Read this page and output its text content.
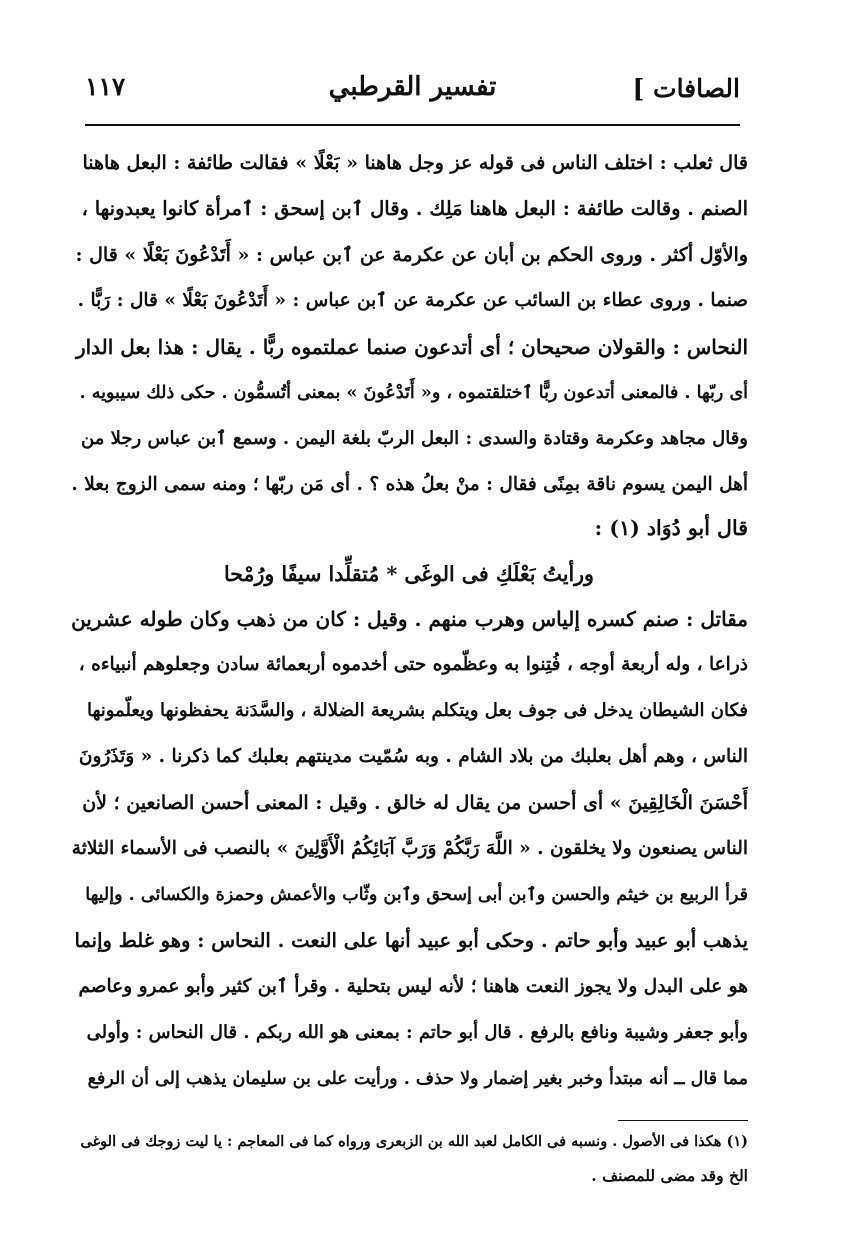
الصافات ]
تفسير القرطبي
١١٧
قال ثعلب : اختلف الناس فى قوله عز وجل هاهنا « بَعْلًا » فقالت طائفة : البعل هاهنا
الصنم . وقالت طائفة : البعل هاهنا مَلِك . وقال ٱبن إسحق : ٱمرأة كانوا يعبدونها ،
والأوّل أكثر . وروى الحكم بن أبان عن عكرمة عن ٱبن عباس : « أَتَدْعُونَ بَعْلًا » قال :
صنما . وروى عطاء بن السائب عن عكرمة عن ٱبن عباس : « أَتَدْعُونَ بَعْلًا » قال : رَبًّا .
النحاس : والقولان صحيحان ؛ أى أتدعون صنما عملتموه ربًّا . يقال : هذا بعل الدار
أى ربّها . فالمعنى أتدعون ربًّا ٱختلقتموه ، و« أَتَدْعُونَ » بمعنى أتُسمُّون . حكى ذلك سيبويه .
وقال مجاهد وعكرمة وقتادة والسدى : البعل الربّ بلغة اليمن . وسمع ٱبن عباس رجلا من
أهل اليمن يسوم ناقة بمِنًى فقال : منْ بعلُ هذه ؟ . أى مَن ربّها ؛ ومنه سمى الزوج بعلا .
قال أبو دُوَاد (١) :
ورأيتُ بَعْلَكِ فى الوغَى * مُتقلِّدا سيفًا ورُمْحا
مقاتل : صنم كسره إلياس وهرب منهم . وقيل : كان من ذهب وكان طوله عشرين
ذراعا ، وله أربعة أوجه ، فُتِنوا به وعظّموه حتى أخدموه أربعمائة سادن وجعلوهم أنبياءه ،
فكان الشيطان يدخل فى جوف بعل ويتكلم بشريعة الضلالة ، والسَّدَنة يحفظونها ويعلّمونها
الناس ، وهم أهل بعلبك من بلاد الشام . وبه سُمّيت مدينتهم بعلبك كما ذكرنا . « وَتَذَرُونَ
أَحْسَنَ الْخَالِقِينَ » أى أحسن من يقال له خالق . وقيل : المعنى أحسن الصانعين ؛ لأن
الناس يصنعون ولا يخلقون . « اللَّهَ رَبَّكُمْ وَرَبَّ آبَائِكُمُ الْأَوَّلِينَ » بالنصب فى الأسماء الثلاثة
قرأ الربيع بن خيثم والحسن وٱبن أبى إسحق وٱبن وثّاب والأعمش وحمزة والكسائى . وإليها
يذهب أبو عبيد وأبو حاتم . وحكى أبو عبيد أنها على النعت . النحاس : وهو غلط وإنما
هو على البدل ولا يجوز النعت هاهنا ؛ لأنه ليس بتحلية . وقرأ ٱبن كثير وأبو عمرو وعاصم
وأبو جعفر وشيبة ونافع بالرفع . قال أبو حاتم : بمعنى هو الله ربكم . قال النحاس : وأولى
مما قال ــ أنه مبتدأ وخبر بغير إضمار ولا حذف . ورأيت على بن سليمان يذهب إلى أن الرفع
(١) هكذا فى الأصول . ونسبه فى الكامل لعبد الله بن الزبعرى ورواه كما فى المعاجم : يا ليت زوجك فى الوغى
الخ وقد مضى للمصنف .
